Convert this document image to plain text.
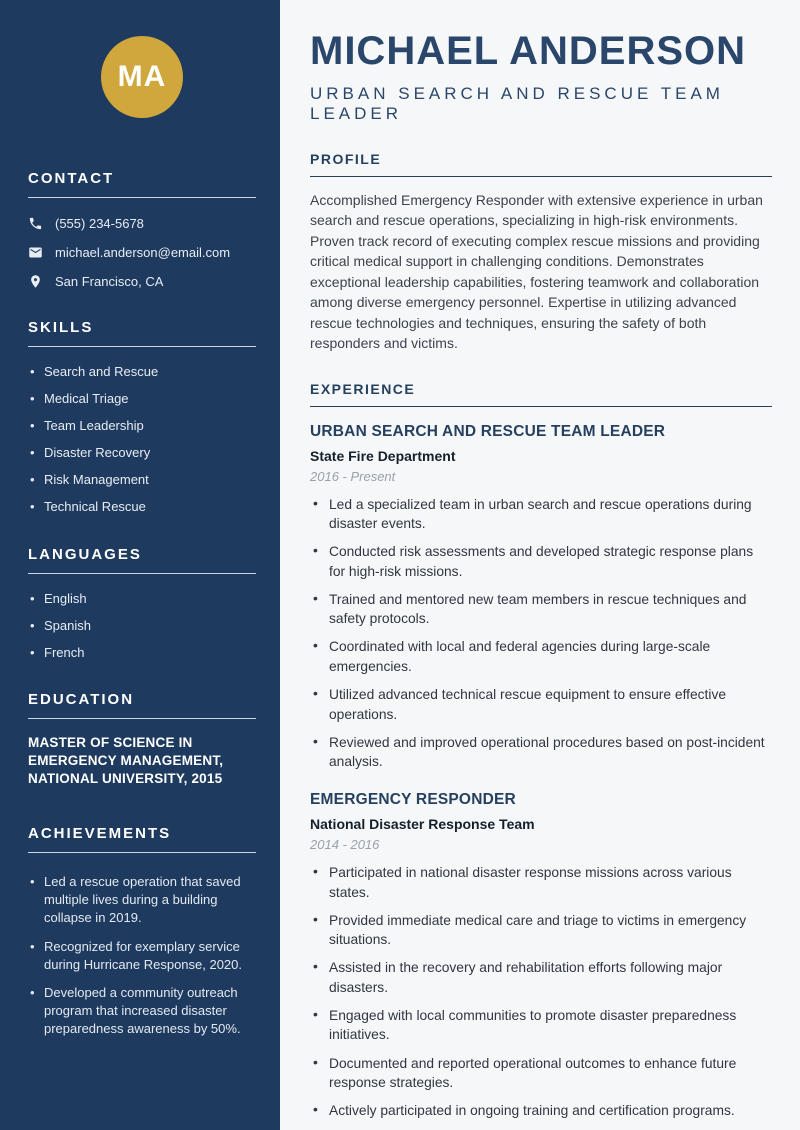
MA
CONTACT
(555) 234-5678
michael.anderson@email.com
San Francisco, CA
SKILLS
• Search and Rescue
• Medical Triage
• Team Leadership
• Disaster Recovery
• Risk Management
• Technical Rescue
LANGUAGES
• English
• Spanish
• French
EDUCATION
MASTER OF SCIENCE IN EMERGENCY MANAGEMENT, NATIONAL UNIVERSITY, 2015
ACHIEVEMENTS
• Led a rescue operation that saved multiple lives during a building collapse in 2019.
• Recognized for exemplary service during Hurricane Response, 2020.
• Developed a community outreach program that increased disaster preparedness awareness by 50%.
MICHAEL ANDERSON
URBAN SEARCH AND RESCUE TEAM LEADER
PROFILE

Accomplished Emergency Responder with extensive experience in urban search and rescue operations, specializing in high-risk environments. Proven track record of executing complex rescue missions and providing critical medical support in challenging conditions. Demonstrates exceptional leadership capabilities, fostering teamwork and collaboration among diverse emergency personnel. Expertise in utilizing advanced rescue technologies and techniques, ensuring the safety of both responders and victims.

EXPERIENCE
URBAN SEARCH AND RESCUE TEAM LEADER
State Fire Department
2016 - Present
• Led a specialized team in urban search and rescue operations during disaster events.
• Conducted risk assessments and developed strategic response plans for high-risk missions.
• Trained and mentored new team members in rescue techniques and safety protocols.
• Coordinated with local and federal agencies during large-scale emergencies.
• Utilized advanced technical rescue equipment to ensure effective operations.
• Reviewed and improved operational procedures based on post-incident analysis.
EMERGENCY RESPONDER
National Disaster Response Team
2014 - 2016
• Participated in national disaster response missions across various states.
• Provided immediate medical care and triage to victims in emergency situations.
• Assisted in the recovery and rehabilitation efforts following major disasters.
• Engaged with local communities to promote disaster preparedness initiatives.
• Documented and reported operational outcomes to enhance future response strategies.
• Actively participated in ongoing training and certification programs.
